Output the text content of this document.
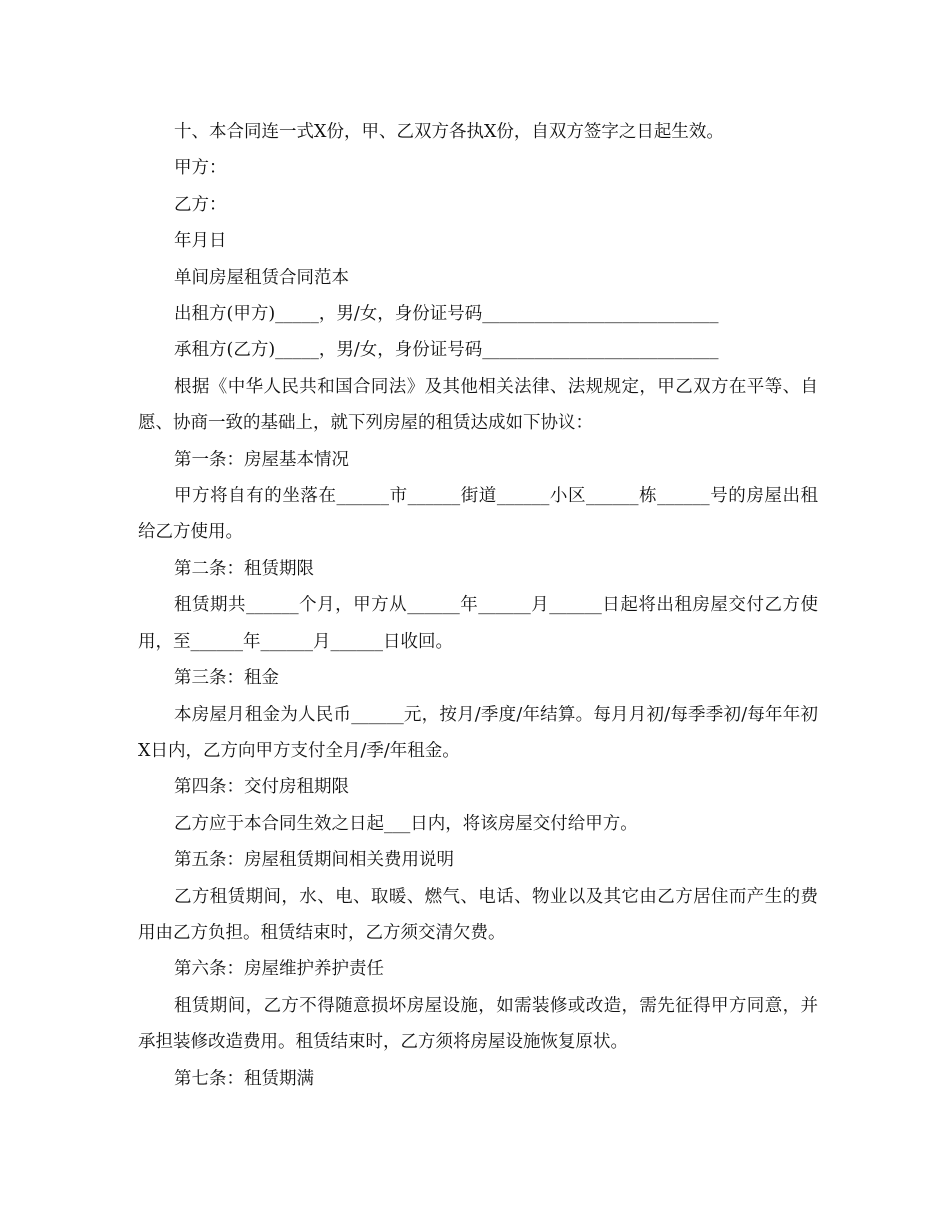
十、本合同连一式X份，甲、乙双方各执X份，自双方签字之日起生效。

甲方：

乙方：

年月日

单间房屋租赁合同范本

出租方(甲方)_____，男/女，身份证号码___________________________

承租方(乙方)_____，男/女，身份证号码___________________________

根据《中华人民共和国合同法》及其他相关法律、法规规定，甲乙双方在平等、自愿、协商一致的基础上，就下列房屋的租赁达成如下协议：

第一条：房屋基本情况

甲方将自有的坐落在______市______街道______小区______栋______号的房屋出租给乙方使用。

第二条：租赁期限

租赁期共______个月，甲方从______年______月______日起将出租房屋交付乙方使用，至______年______月______日收回。

第三条：租金

本房屋月租金为人民币______元，按月/季度/年结算。每月月初/每季季初/每年年初X日内，乙方向甲方支付全月/季/年租金。

第四条：交付房租期限

乙方应于本合同生效之日起___日内，将该房屋交付给甲方。

第五条：房屋租赁期间相关费用说明

乙方租赁期间，水、电、取暖、燃气、电话、物业以及其它由乙方居住而产生的费用由乙方负担。租赁结束时，乙方须交清欠费。

第六条：房屋维护养护责任

租赁期间，乙方不得随意损坏房屋设施，如需装修或改造，需先征得甲方同意，并承担装修改造费用。租赁结束时，乙方须将房屋设施恢复原状。

第七条：租赁期满
